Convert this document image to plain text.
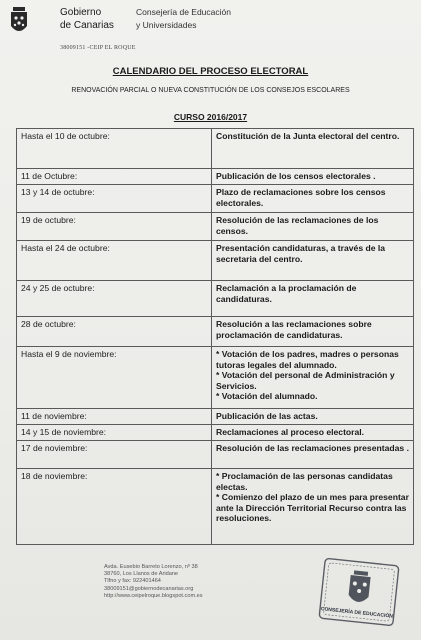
Gobierno
de Canarias
Consejería de Educación
y Universidades
38009151 -CEIP EL ROQUE
CALENDARIO DEL PROCESO ELECTORAL
RENOVACIÓN PARCIAL O NUEVA CONSTITUCIÓN DE LOS CONSEJOS ESCOLARES
CURSO 2016/2017
Hasta el 10 de octubre:	Constitución de la Junta electoral del centro.
11 de Octubre:	Publicación de los censos electorales .
13 y 14 de octubre:	Plazo de reclamaciones sobre los censos electorales.
19 de octubre:	Resolución de las reclamaciones de los censos.
Hasta el 24 de octubre:	Presentación candidaturas, a través de la secretaria del centro.
24 y 25 de octubre:	Reclamación a la proclamación de candidaturas.
28 de octubre:	Resolución a las reclamaciones sobre proclamación de candidaturas.
Hasta el 9 de noviembre:	* Votación de los padres, madres o personas tutoras legales del alumnado.
* Votación del personal de Administración y Servicios.
* Votación del alumnado.
11 de noviembre:	Publicación de las actas.
14 y 15 de noviembre:	Reclamaciones al proceso electoral.
17 de noviembre:	Resolución de las reclamaciones presentadas .
18 de noviembre:	* Proclamación de las personas candidatas electas.
* Comienzo del plazo de un mes para presentar ante la Dirección Territorial Recurso contra las resoluciones.
Avda. Eusebio Barreto Lorenzo, nº 38
38760, Los Llanos de Aridane
Tlfno y fax: 922401464
38009151@gobiernodecanarias.org
http://www.ceipelroque.blogspot.com.es
CONSEJERÍA DE EDUCACIÓN
